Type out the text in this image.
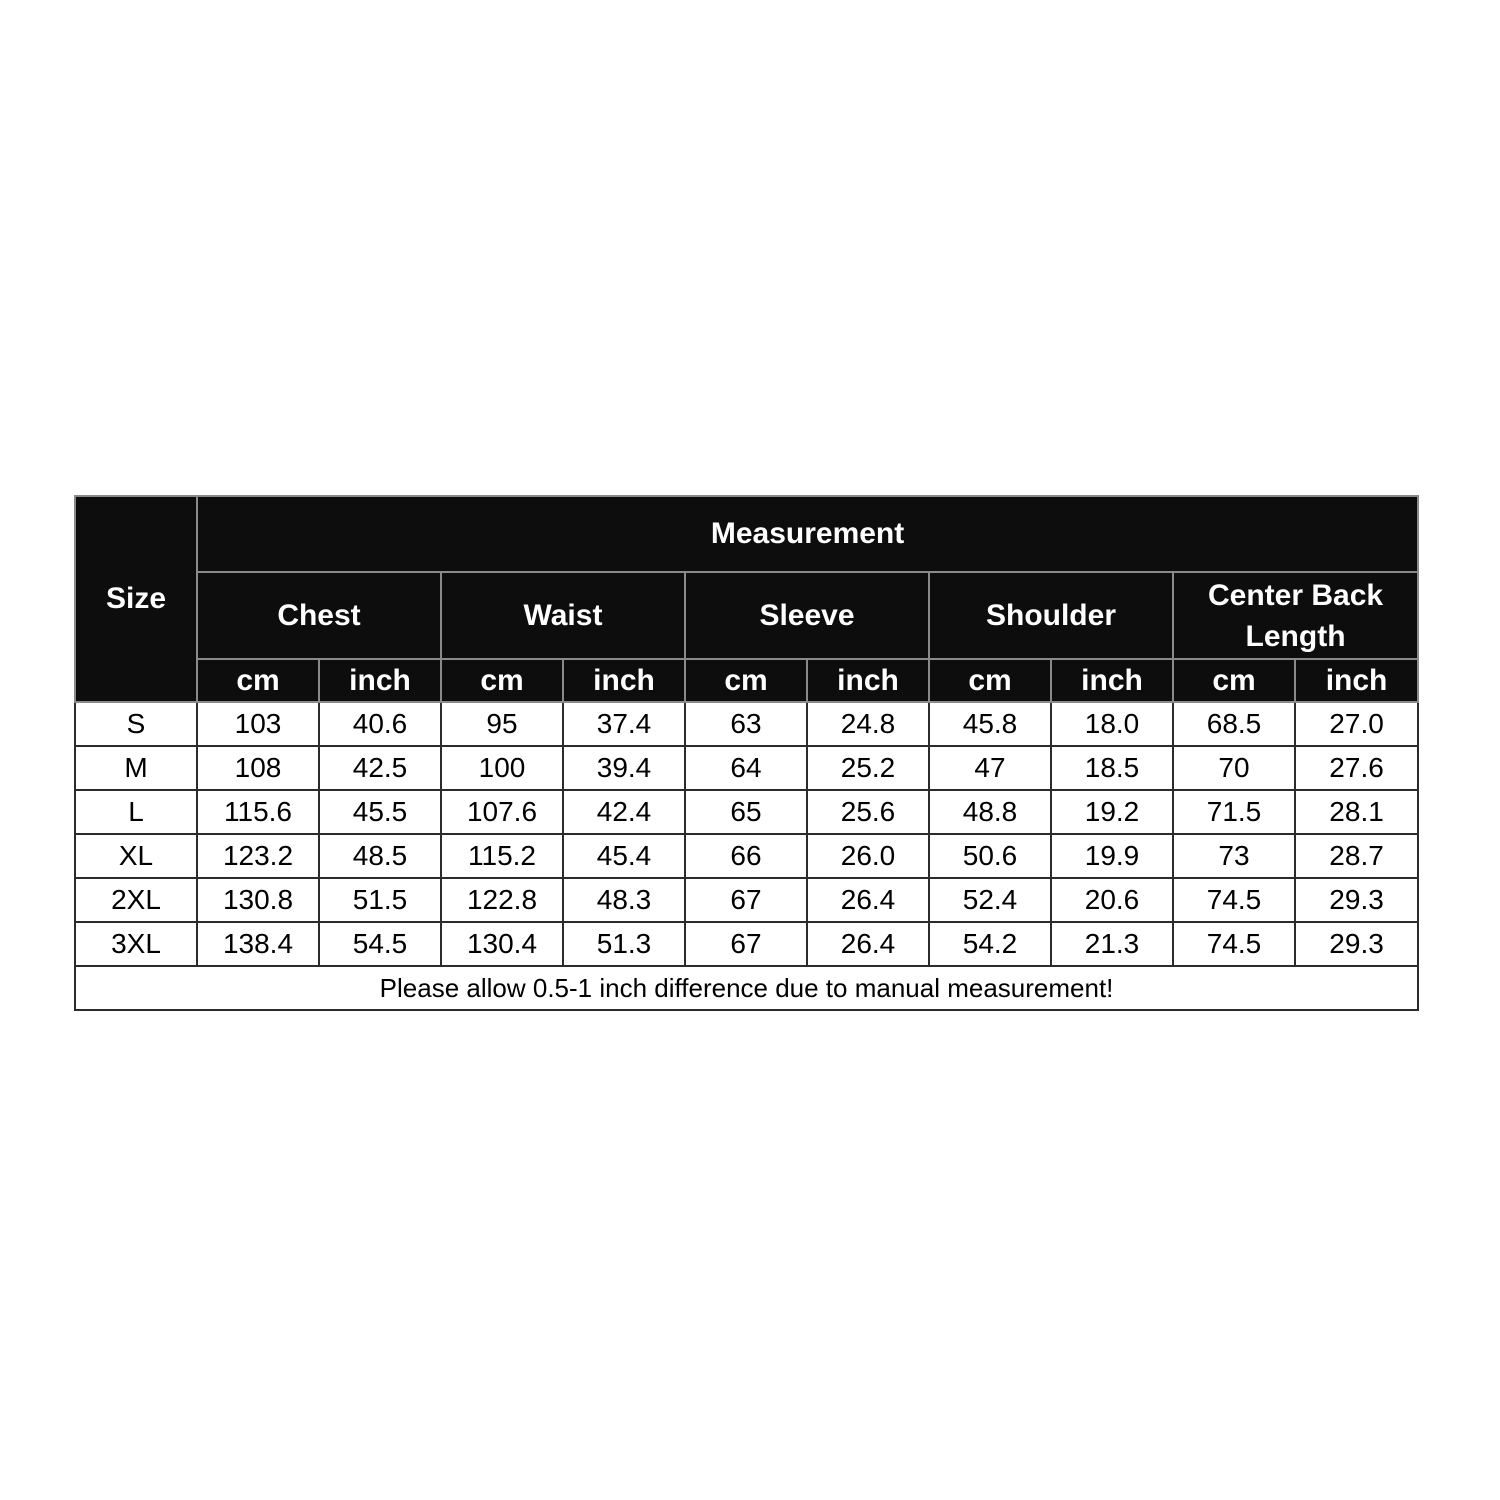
Size	Measurement									
	Chest		Waist		Sleeve		Shoulder		Center Back Length	
	cm	inch	cm	inch	cm	inch	cm	inch	cm	inch
S	103	40.6	95	37.4	63	24.8	45.8	18.0	68.5	27.0
M	108	42.5	100	39.4	64	25.2	47	18.5	70	27.6
L	115.6	45.5	107.6	42.4	65	25.6	48.8	19.2	71.5	28.1
XL	123.2	48.5	115.2	45.4	66	26.0	50.6	19.9	73	28.7
2XL	130.8	51.5	122.8	48.3	67	26.4	52.4	20.6	74.5	29.3
3XL	138.4	54.5	130.4	51.3	67	26.4	54.2	21.3	74.5	29.3
Please allow 0.5-1 inch difference due to manual measurement!										
